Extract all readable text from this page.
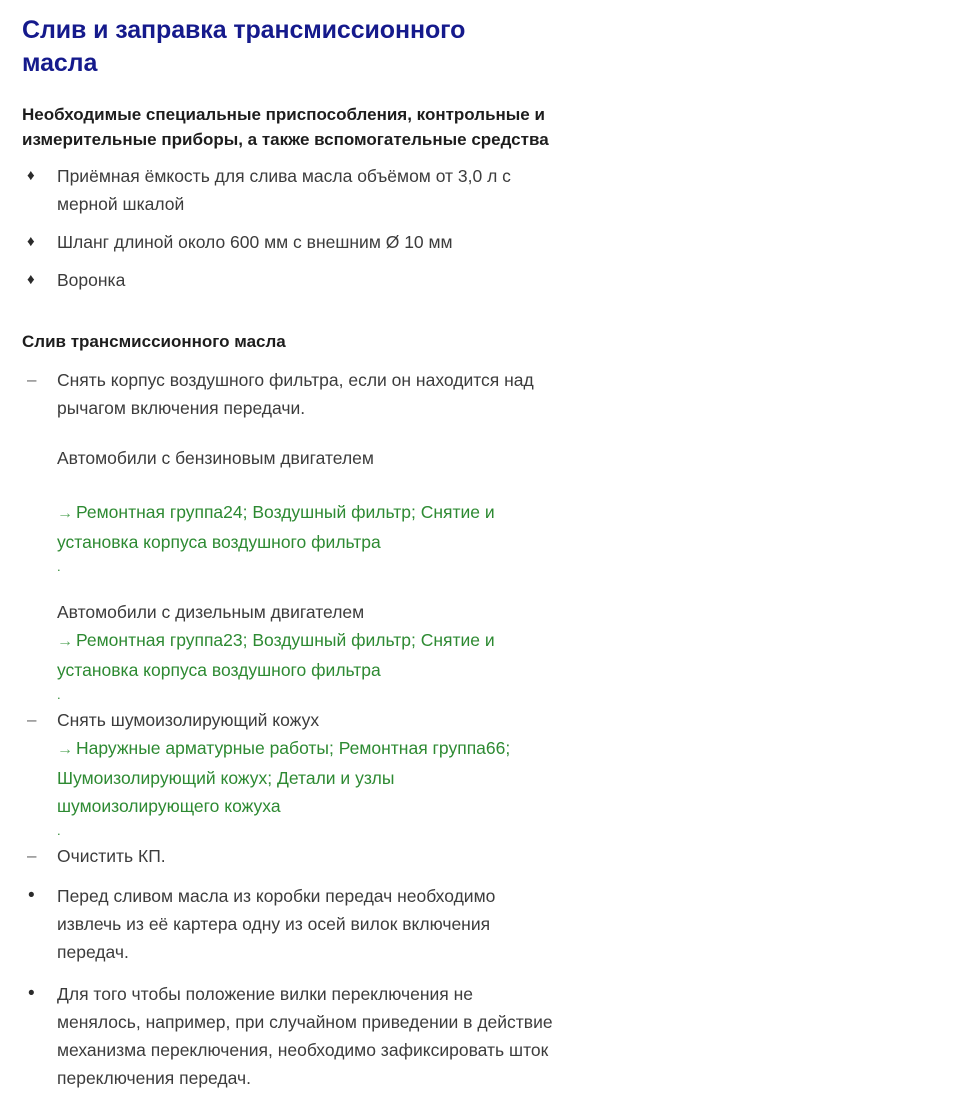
Слив и заправка трансмиссионного масла
Необходимые специальные приспособления, контрольные и измерительные приборы, а также вспомогательные средства
♦	Приёмная ёмкость для слива масла объёмом от 3,0 л с мерной шкалой
♦	Шланг длиной около 600 мм с внешним Ø 10 мм
♦	Воронка
Слив трансмиссионного масла
–	Снять корпус воздушного фильтра, если он находится над рычагом включения передачи.
Автомобили с бензиновым двигателем
→ Ремонтная группа24; Воздушный фильтр; Снятие и установка корпуса воздушного фильтра
.
Автомобили с дизельным двигателем
→ Ремонтная группа23; Воздушный фильтр; Снятие и установка корпуса воздушного фильтра
.
–	Снять шумоизолирующий кожух
→ Наружные арматурные работы; Ремонтная группа66; Шумоизолирующий кожух; Детали и узлы шумоизолирующего кожуха
.
–	Очистить КП.
•	Перед сливом масла из коробки передач необходимо извлечь из её картера одну из осей вилок включения передач.
•	Для того чтобы положение вилки переключения не менялось, например, при случайном приведении в действие механизма переключения, необходимо зафиксировать шток переключения передач.
